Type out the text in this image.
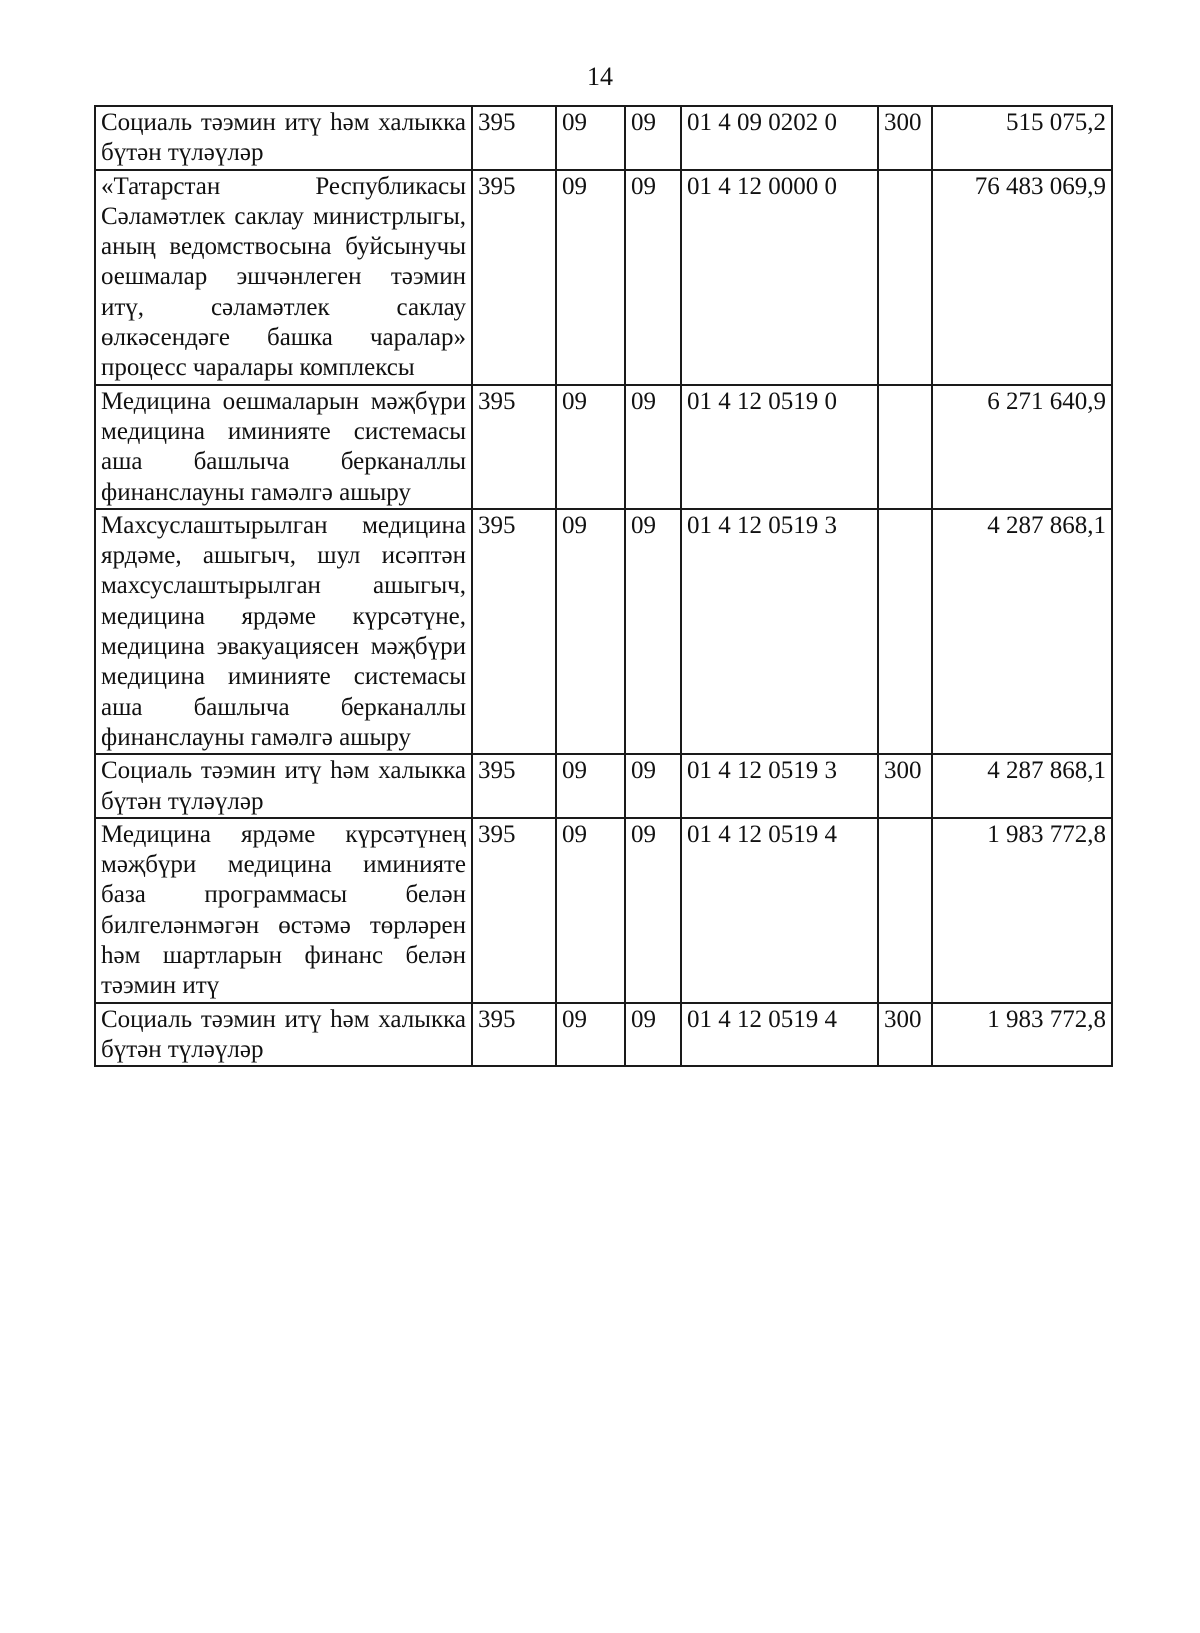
14
Социаль тәэмин итү һәм халыкка бүтән түләүләр	395	09	09	01 4 09 0202 0	300	515 075,2
«Татарстан Республикасы Сәламәтлек саклау министрлыгы, аның ведомствосына буйсынучы оешмалар эшчәнлеген тәэмин итү, сәламәтлек саклау өлкәсендәге башка чаралар» процесс чаралары комплексы	395	09	09	01 4 12 0000 0		76 483 069,9
Медицина оешмаларын мәҗбүри медицина иминияте системасы аша башлыча берканаллы финанслауны гамәлгә ашыру	395	09	09	01 4 12 0519 0		6 271 640,9
Махсуслаштырылган медицина ярдәме, ашыгыч, шул исәптән махсуслаштырылган ашыгыч, медицина ярдәме күрсәтүне, медицина эвакуациясен мәҗбүри медицина иминияте системасы аша башлыча берканаллы финанслауны гамәлгә ашыру	395	09	09	01 4 12 0519 3		4 287 868,1
Социаль тәэмин итү һәм халыкка бүтән түләүләр	395	09	09	01 4 12 0519 3	300	4 287 868,1
Медицина ярдәме күрсәтүнең мәҗбүри медицина иминияте база программасы белән билгеләнмәгән өстәмә төрләрен һәм шартларын финанс белән тәэмин итү	395	09	09	01 4 12 0519 4		1 983 772,8
Социаль тәэмин итү һәм халыкка бүтән түләүләр	395	09	09	01 4 12 0519 4	300	1 983 772,8
